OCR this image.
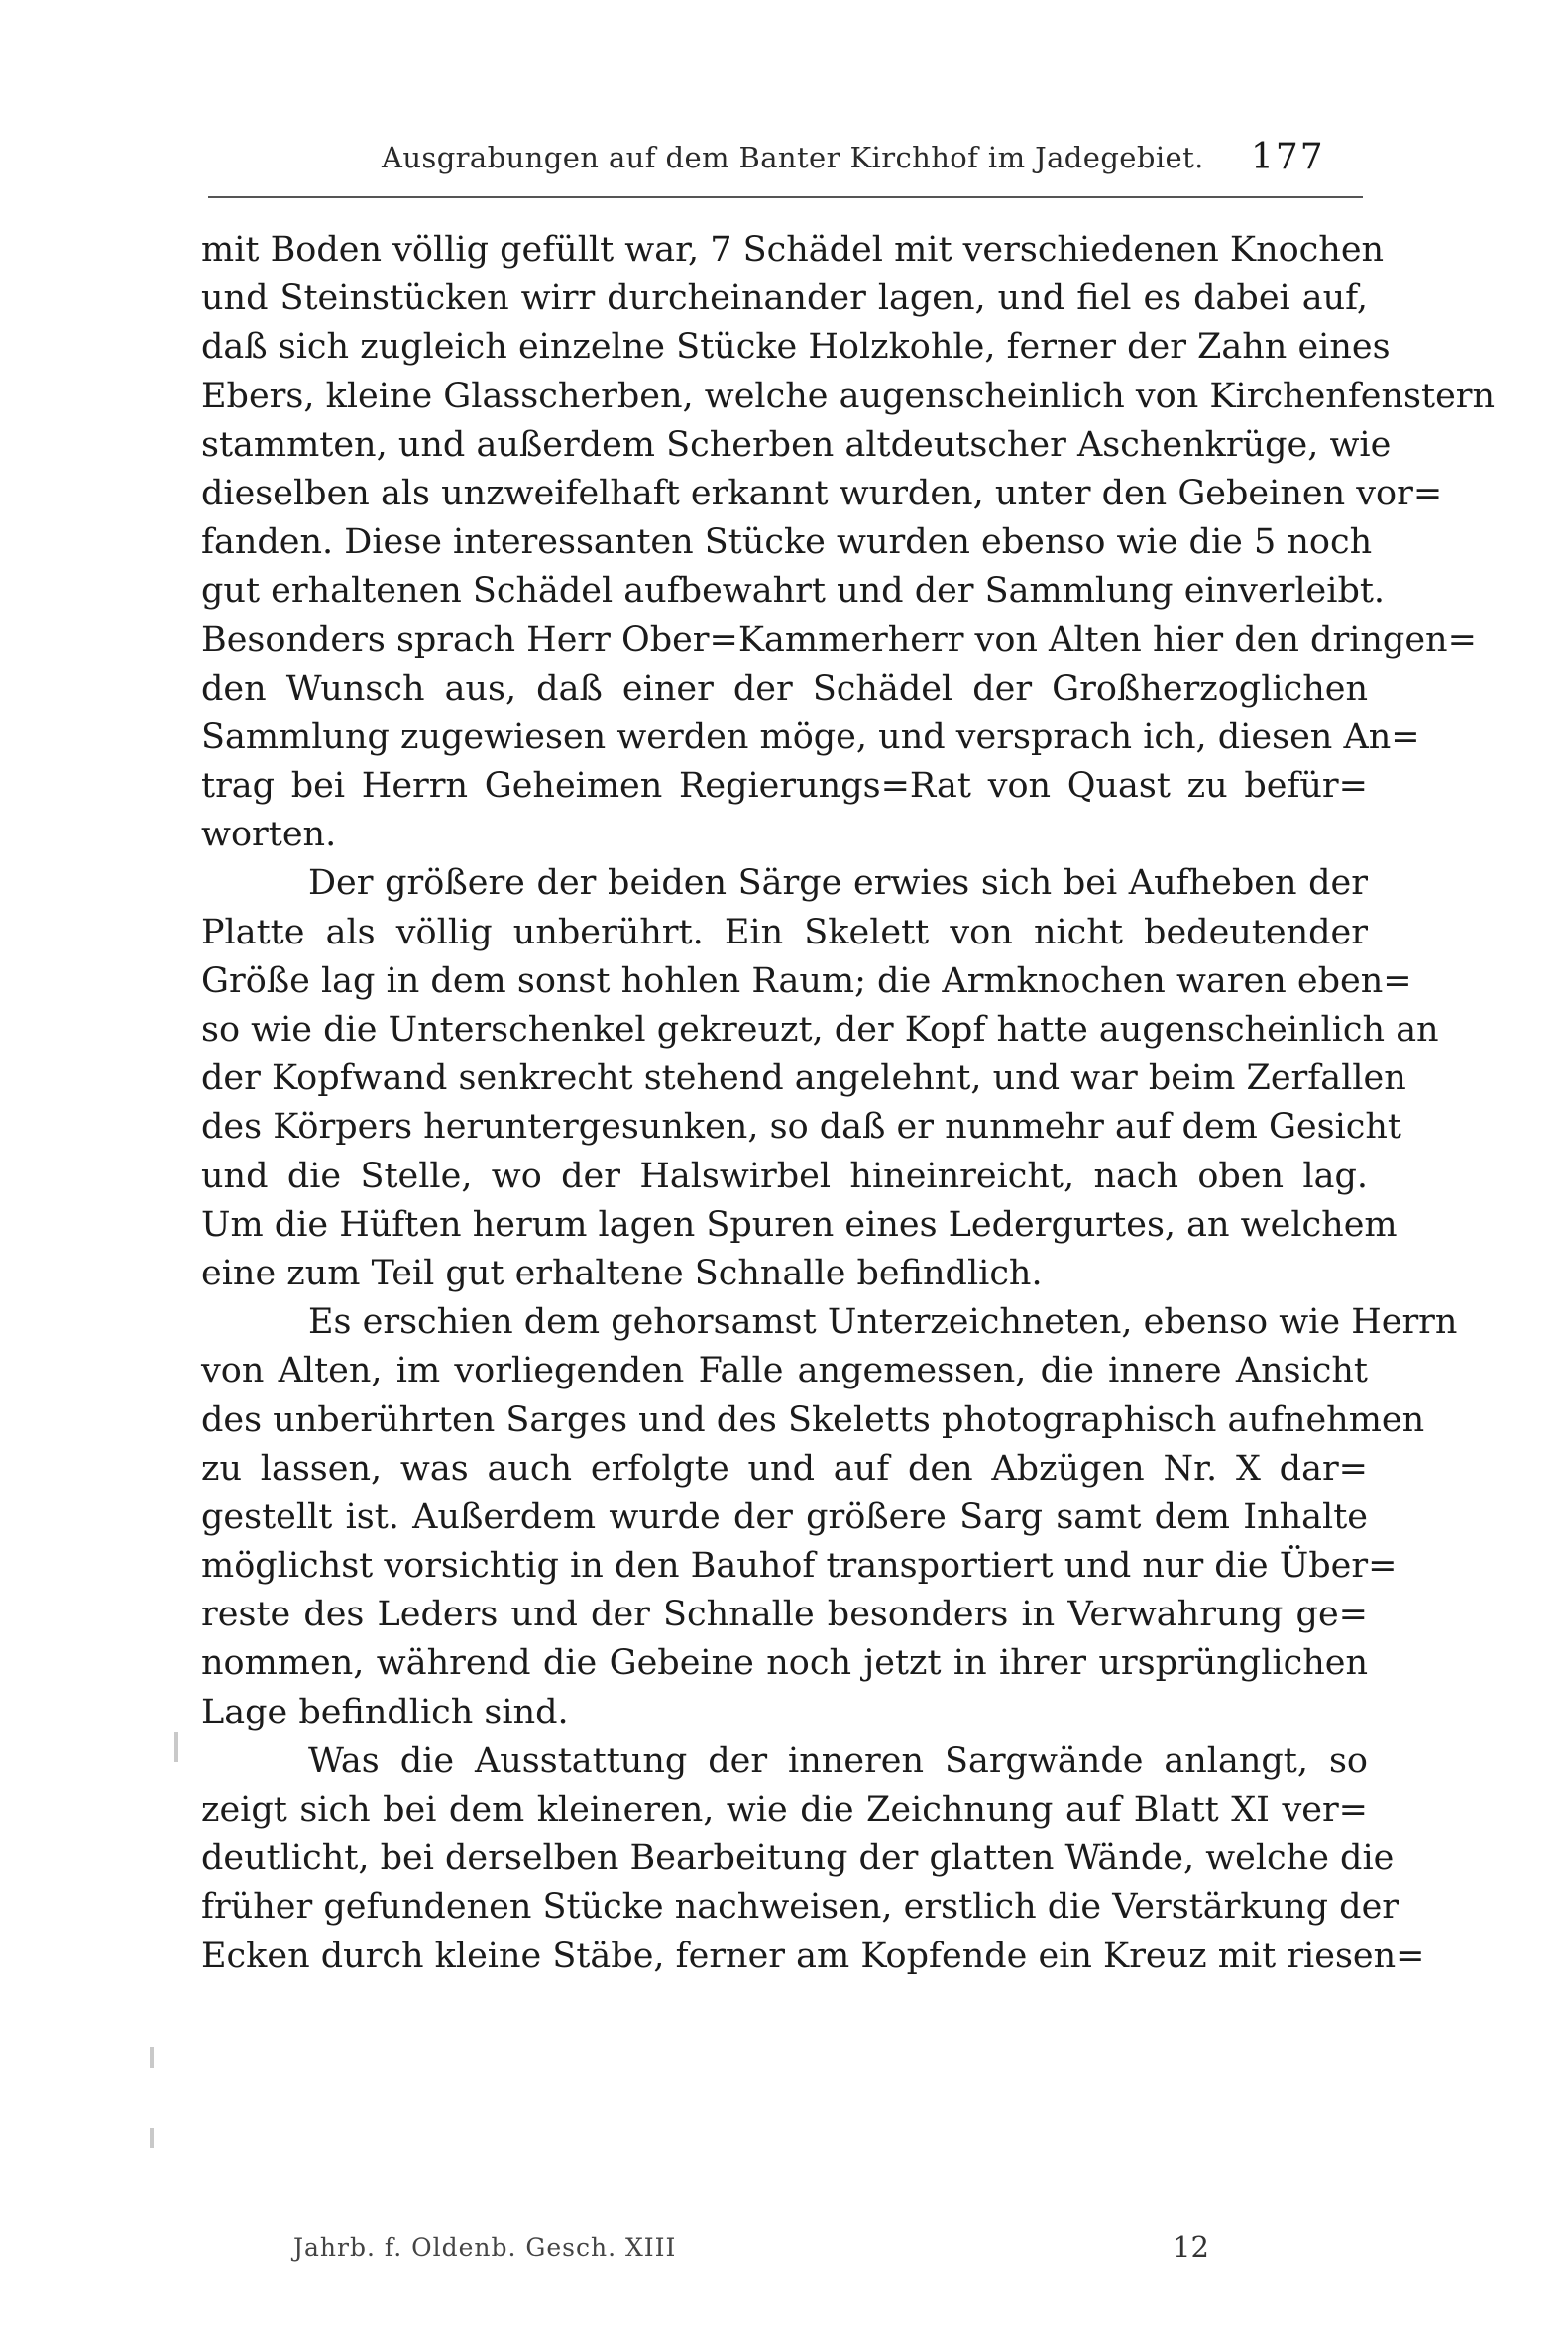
Ausgrabungen auf dem Banter Kirchhof im Jadegebiet. 177
mit Boden völlig gefüllt war, 7 Schädel mit verschiedenen Knochen
und Steinstücken wirr durcheinander lagen, und fiel es dabei auf,
daß sich zugleich einzelne Stücke Holzkohle, ferner der Zahn eines
Ebers, kleine Glasscherben, welche augenscheinlich von Kirchenfenstern
stammten, und außerdem Scherben altdeutscher Aschenkrüge, wie
dieselben als unzweifelhaft erkannt wurden, unter den Gebeinen vor=
fanden. Diese interessanten Stücke wurden ebenso wie die 5 noch
gut erhaltenen Schädel aufbewahrt und der Sammlung einverleibt.
Besonders sprach Herr Ober=Kammerherr von Alten hier den dringen=
den Wunsch aus, daß einer der Schädel der Großherzoglichen
Sammlung zugewiesen werden möge, und versprach ich, diesen An=
trag bei Herrn Geheimen Regierungs=Rat von Quast zu befür=
worten.
Der größere der beiden Särge erwies sich bei Aufheben der
Platte als völlig unberührt. Ein Skelett von nicht bedeutender
Größe lag in dem sonst hohlen Raum; die Armknochen waren eben=
so wie die Unterschenkel gekreuzt, der Kopf hatte augenscheinlich an
der Kopfwand senkrecht stehend angelehnt, und war beim Zerfallen
des Körpers heruntergesunken, so daß er nunmehr auf dem Gesicht
und die Stelle, wo der Halswirbel hineinreicht, nach oben lag.
Um die Hüften herum lagen Spuren eines Ledergurtes, an welchem
eine zum Teil gut erhaltene Schnalle befindlich.
Es erschien dem gehorsamst Unterzeichneten, ebenso wie Herrn
von Alten, im vorliegenden Falle angemessen, die innere Ansicht
des unberührten Sarges und des Skeletts photographisch aufnehmen
zu lassen, was auch erfolgte und auf den Abzügen Nr. X dar=
gestellt ist. Außerdem wurde der größere Sarg samt dem Inhalte
möglichst vorsichtig in den Bauhof transportiert und nur die Über=
reste des Leders und der Schnalle besonders in Verwahrung ge=
nommen, während die Gebeine noch jetzt in ihrer ursprünglichen
Lage befindlich sind.
Was die Ausstattung der inneren Sargwände anlangt, so
zeigt sich bei dem kleineren, wie die Zeichnung auf Blatt XI ver=
deutlicht, bei derselben Bearbeitung der glatten Wände, welche die
früher gefundenen Stücke nachweisen, erstlich die Verstärkung der
Ecken durch kleine Stäbe, ferner am Kopfende ein Kreuz mit riesen=
Jahrb. f. Oldenb. Gesch. XIII	12
